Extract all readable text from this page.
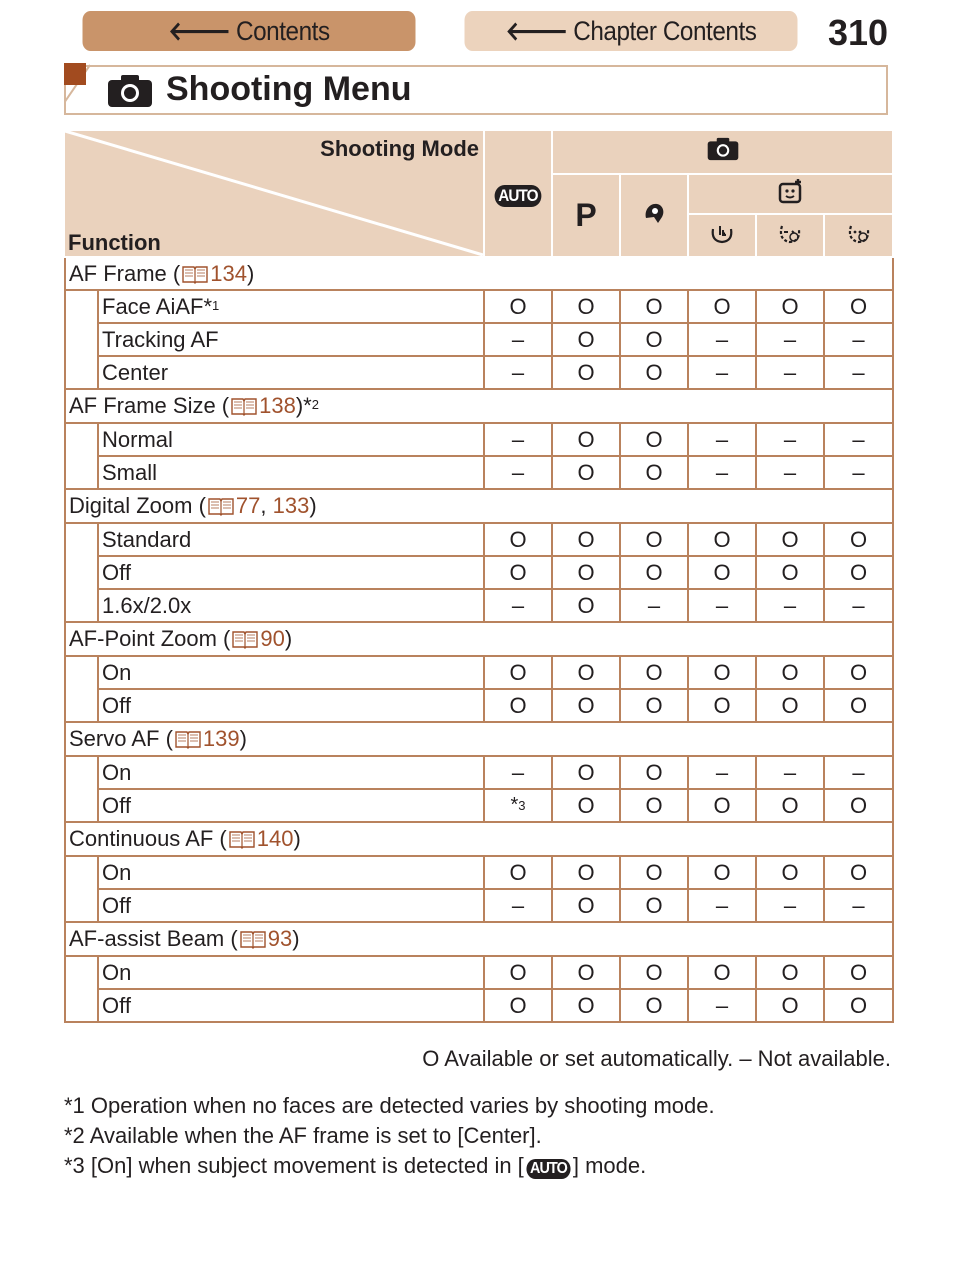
🡐 Contents	🡐 Chapter Contents 310
Shooting Menu
Shooting Mode
Function		AUTO	
			P		

AF Frame ( 134)							
	Face AiAF*$^1$	O	O	O	O	O	O
	Tracking AF	–	O	O	–	–	–
	Center	–	O	O	–	–	–
AF Frame Size ( 138)*$^2$
	Normal	–	O	O	–	–	–
	Small	–	O	O	–	–	–
Digital Zoom ( 77, 133)							
	Standard	O	O	O	O	O	O
	Off	O	O	O	O	O	O
	1.6x/2.0x	–	O	–	–	–	–
AF-Point Zoom ( 90)							
	On	O	O	O	O	O	O
	Off	O	O	O	O	O	O
Servo AF ( 139)							
	On	–	O	O	–	–	–
	Off	*$^3$	O	O	O	O	O
Continuous AF ( 140)							
	On	O	O	O	O	O	O
	Off	–	O	O	–	–	–
AF-assist Beam ( 93)							
	On	O	O	O	O	O	O
	Off	O	O	O	–	O	O
O Available or set automatically. – Not available.
*1 Operation when no faces are detected varies by shooting mode.
*2 Available when the AF frame is set to [Center].
*3 [On] when subject movement is detected in [ AUTO ] mode.
